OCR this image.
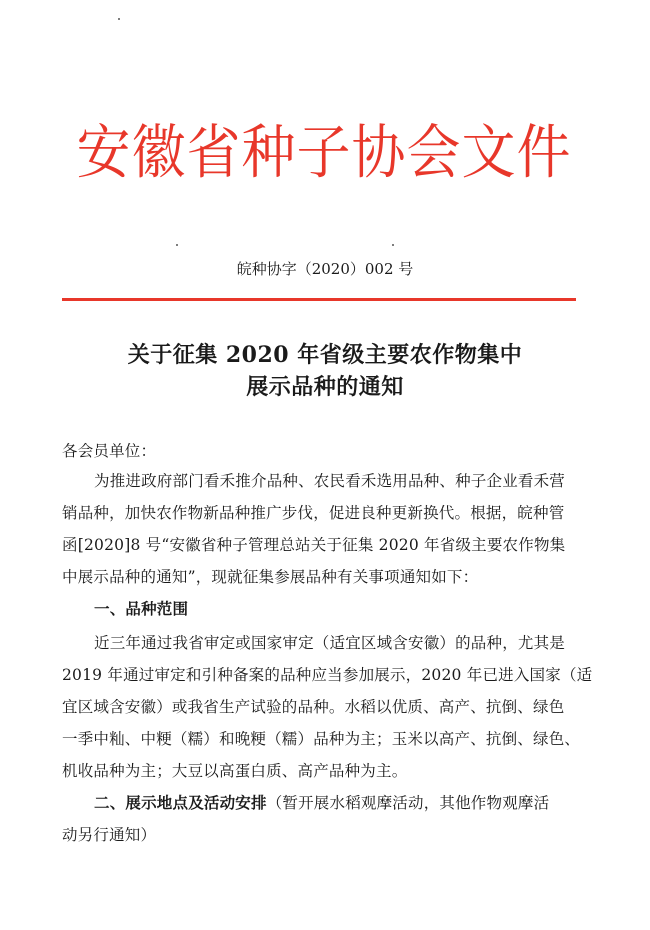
安徽省种子协会文件
皖种协字（2020）002 号
关于征集 2020 年省级主要农作物集中
展示品种的通知
各会员单位：
为推进政府部门看禾推介品种、农民看禾选用品种、种子企业看禾营
销品种，加快农作物新品种推广步伐，促进良种更新换代。根据，皖种管
函[2020]8 号“安徽省种子管理总站关于征集 2020 年省级主要农作物集
中展示品种的通知”，现就征集参展品种有关事项通知如下：
一、品种范围
近三年通过我省审定或国家审定（适宜区域含安徽）的品种，尤其是
2019 年通过审定和引种备案的品种应当参加展示，2020 年已进入国家（适
宜区域含安徽）或我省生产试验的品种。水稻以优质、高产、抗倒、绿色
一季中籼、中粳（糯）和晚粳（糯）品种为主；玉米以高产、抗倒、绿色、
机收品种为主；大豆以高蛋白质、高产品种为主。
二、展示地点及活动安排（暂开展水稻观摩活动，其他作物观摩活
动另行通知）
